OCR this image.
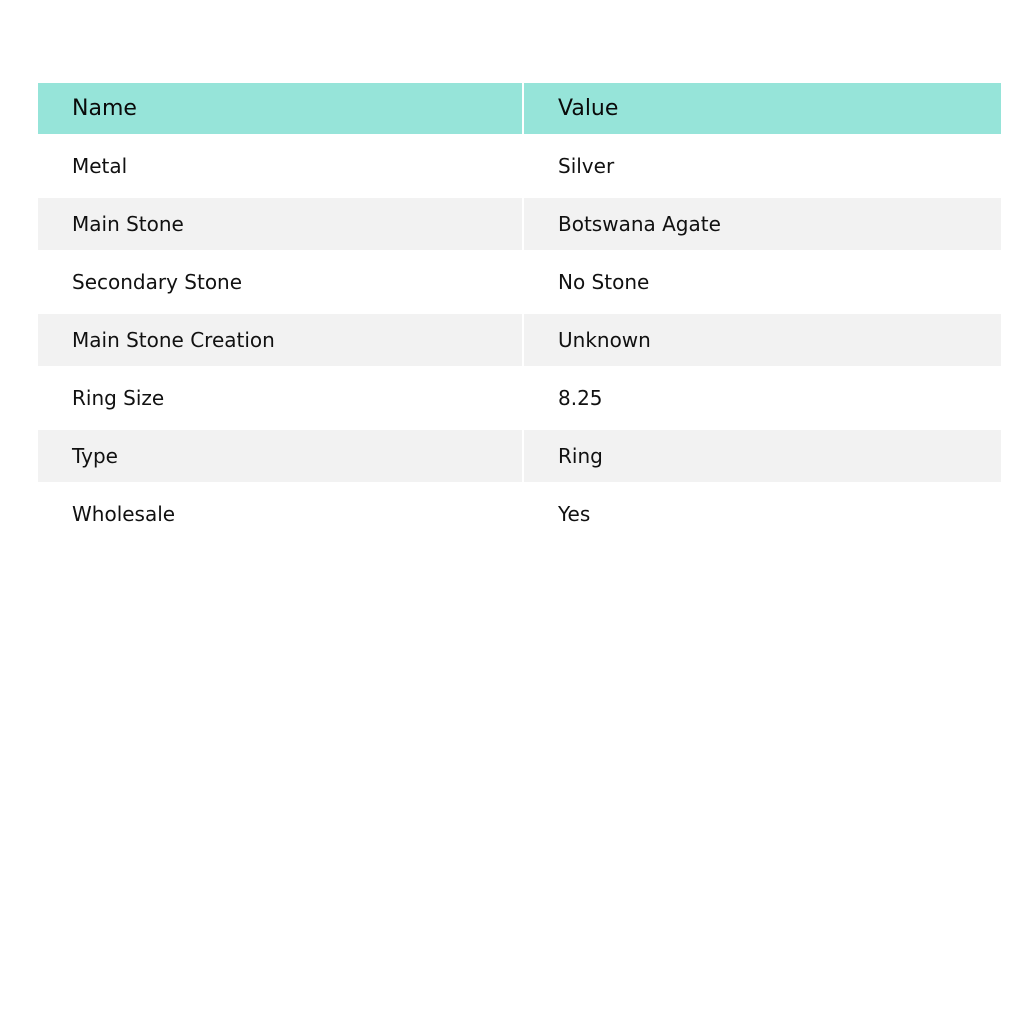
Name	Value
Metal	Silver
Main Stone	Botswana Agate
Secondary Stone	No Stone
Main Stone Creation	Unknown
Ring Size	8.25
Type	Ring
Wholesale	Yes
